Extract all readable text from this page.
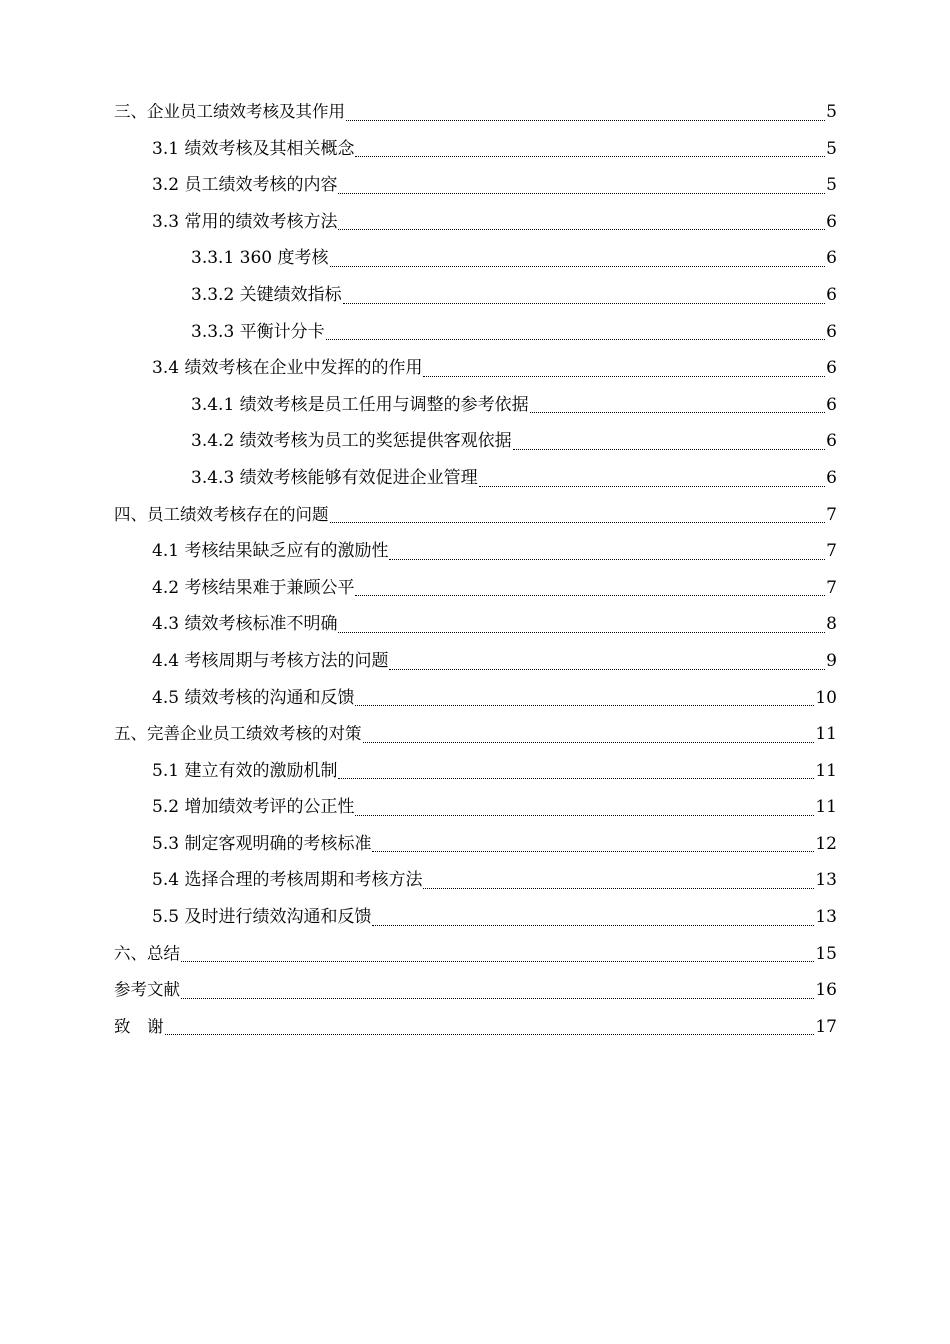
三、企业员工绩效考核及其作用	5
3.1 绩效考核及其相关概念	5
3.2 员工绩效考核的内容	5
3.3 常用的绩效考核方法	6
3.3.1 360 度考核	6
3.3.2 关键绩效指标	6
3.3.3 平衡计分卡	6
3.4 绩效考核在企业中发挥的的作用	6
3.4.1 绩效考核是员工任用与调整的参考依据	6
3.4.2 绩效考核为员工的奖惩提供客观依据	6
3.4.3 绩效考核能够有效促进企业管理	6
四、员工绩效考核存在的问题	7
4.1 考核结果缺乏应有的激励性	7
4.2 考核结果难于兼顾公平	7
4.3 绩效考核标准不明确	8
4.4 考核周期与考核方法的问题	9
4.5 绩效考核的沟通和反馈	10
五、完善企业员工绩效考核的对策	11
5.1 建立有效的激励机制	11
5.2 增加绩效考评的公正性	11
5.3 制定客观明确的考核标准	12
5.4 选择合理的考核周期和考核方法	13
5.5 及时进行绩效沟通和反馈	13
六、总结	15
参考文献	16
致　谢	17
